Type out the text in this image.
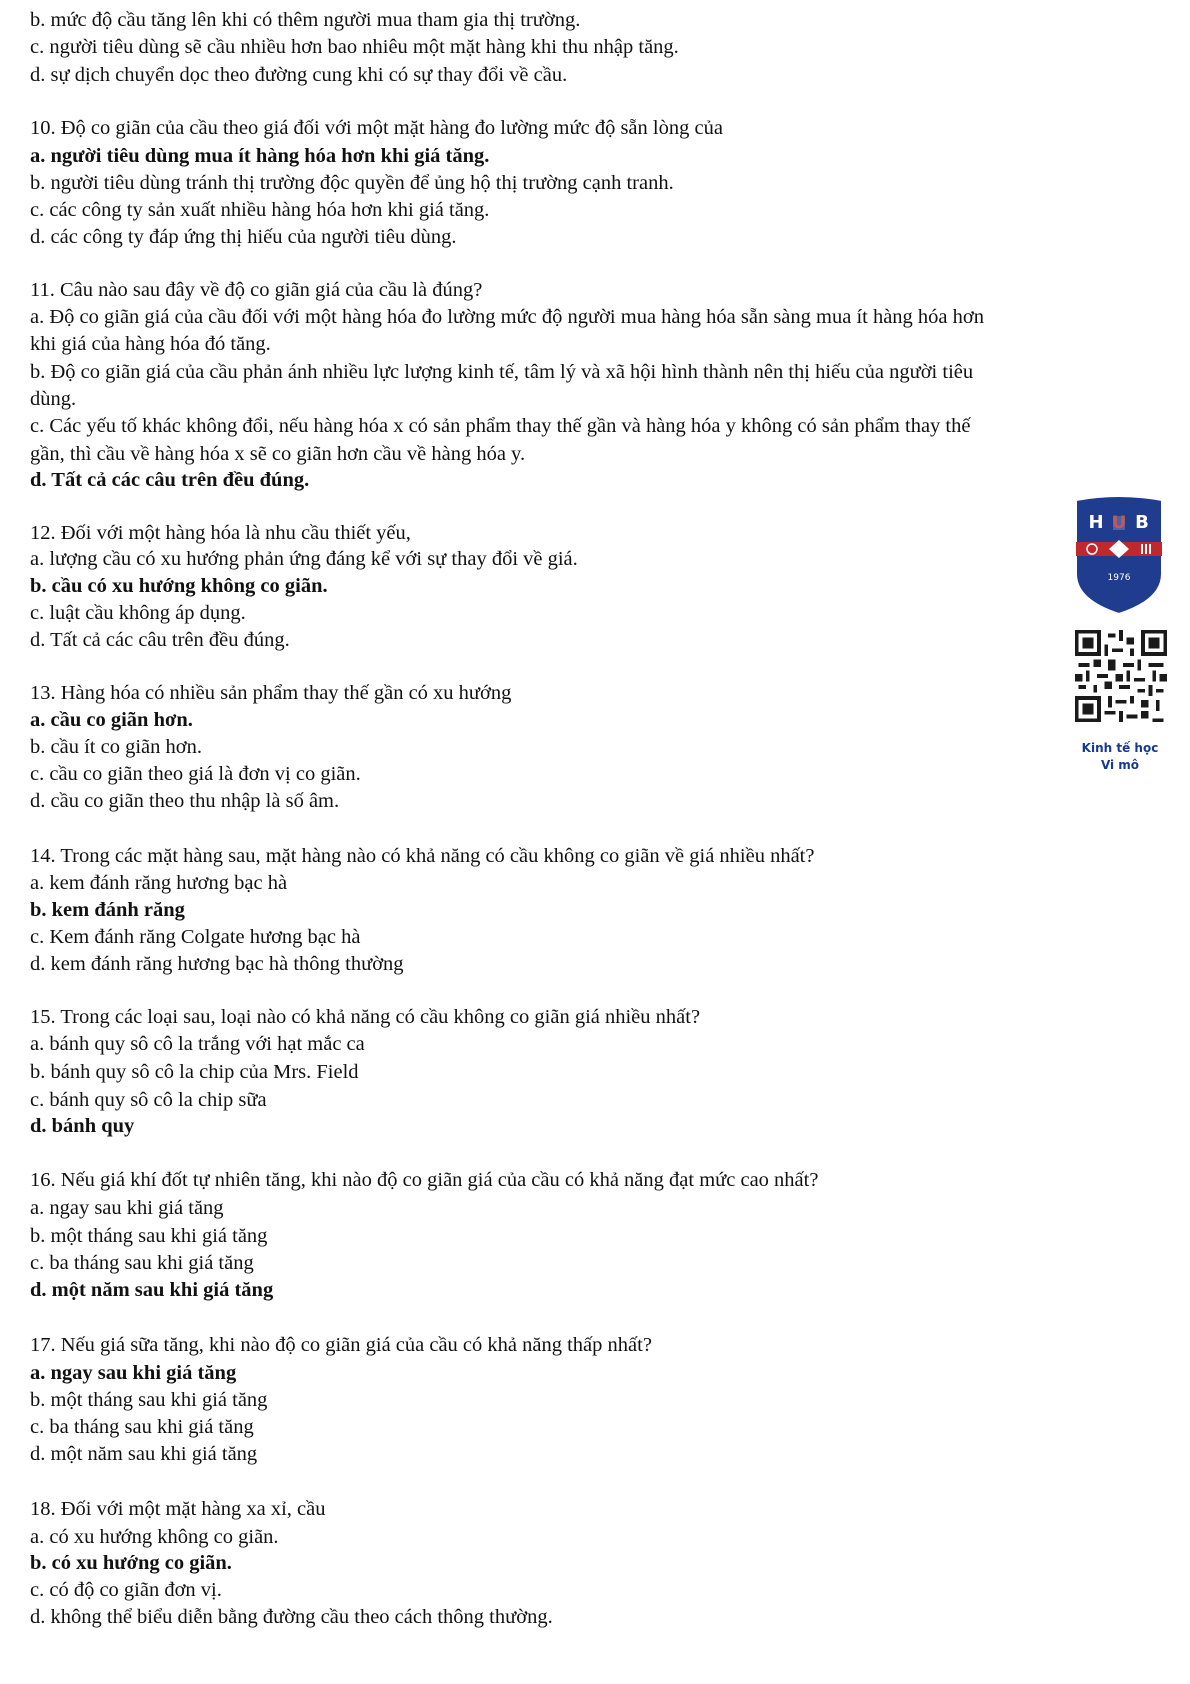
b. mức độ cầu tăng lên khi có thêm người mua tham gia thị trường.
c. người tiêu dùng sẽ cầu nhiều hơn bao nhiêu một mặt hàng khi thu nhập tăng.
d. sự dịch chuyển dọc theo đường cung khi có sự thay đổi về cầu.
10. Độ co giãn của cầu theo giá đối với một mặt hàng đo lường mức độ sẵn lòng của
a. người tiêu dùng mua ít hàng hóa hơn khi giá tăng.
b. người tiêu dùng tránh thị trường độc quyền để ủng hộ thị trường cạnh tranh.
c. các công ty sản xuất nhiều hàng hóa hơn khi giá tăng.
d. các công ty đáp ứng thị hiếu của người tiêu dùng.
11. Câu nào sau đây về độ co giãn giá của cầu là đúng?
a. Độ co giãn giá của cầu đối với một hàng hóa đo lường mức độ người mua hàng hóa sẵn sàng mua ít hàng hóa hơn
khi giá của hàng hóa đó tăng.
b. Độ co giãn giá của cầu phản ánh nhiều lực lượng kinh tế, tâm lý và xã hội hình thành nên thị hiếu của người tiêu
dùng.
c. Các yếu tố khác không đổi, nếu hàng hóa x có sản phẩm thay thế gần và hàng hóa y không có sản phẩm thay thế
gần, thì cầu về hàng hóa x sẽ co giãn hơn cầu về hàng hóa y.
d. Tất cả các câu trên đều đúng.
12. Đối với một hàng hóa là nhu cầu thiết yếu,
a. lượng cầu có xu hướng phản ứng đáng kể với sự thay đổi về giá.
b. cầu có xu hướng không co giãn.
c. luật cầu không áp dụng.
d. Tất cả các câu trên đều đúng.
13. Hàng hóa có nhiều sản phẩm thay thế gần có xu hướng
a. cầu co giãn hơn.
b. cầu ít co giãn hơn.
c. cầu co giãn theo giá là đơn vị co giãn.
d. cầu co giãn theo thu nhập là số âm.
14. Trong các mặt hàng sau, mặt hàng nào có khả năng có cầu không co giãn về giá nhiều nhất?
a. kem đánh răng hương bạc hà
b. kem đánh răng
c. Kem đánh răng Colgate hương bạc hà
d. kem đánh răng hương bạc hà thông thường
15. Trong các loại sau, loại nào có khả năng có cầu không co giãn giá nhiều nhất?
a. bánh quy sô cô la trắng với hạt mắc ca
b. bánh quy sô cô la chip của Mrs. Field
c. bánh quy sô cô la chip sữa
d. bánh quy
16. Nếu giá khí đốt tự nhiên tăng, khi nào độ co giãn giá của cầu có khả năng đạt mức cao nhất?
a. ngay sau khi giá tăng
b. một tháng sau khi giá tăng
c. ba tháng sau khi giá tăng
d. một năm sau khi giá tăng
17. Nếu giá sữa tăng, khi nào độ co giãn giá của cầu có khả năng thấp nhất?
a. ngay sau khi giá tăng
b. một tháng sau khi giá tăng
c. ba tháng sau khi giá tăng
d. một năm sau khi giá tăng
18. Đối với một mặt hàng xa xỉ, cầu
a. có xu hướng không co giãn.
b. có xu hướng co giãn.
c. có độ co giãn đơn vị.
d. không thể biểu diễn bằng đường cầu theo cách thông thường.
H U B
1976
Kinh tế học
Vi mô
